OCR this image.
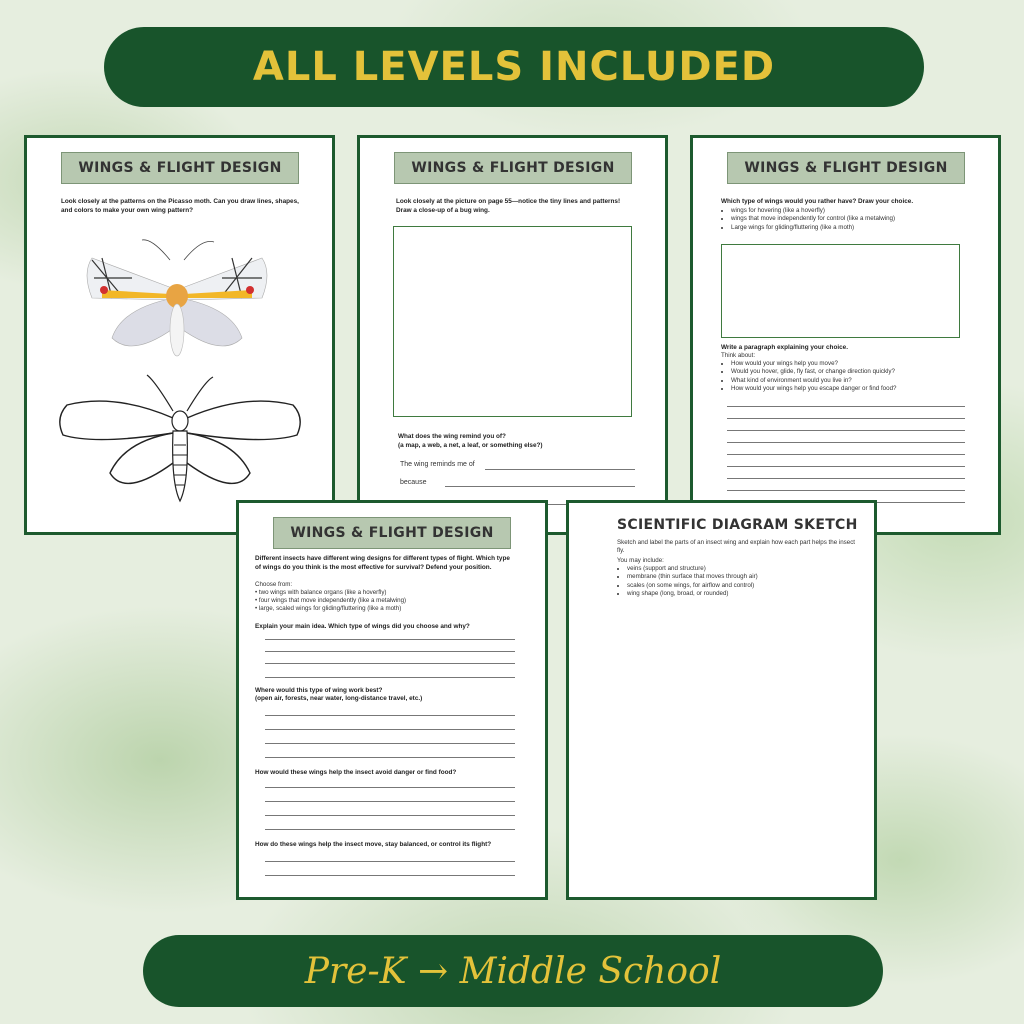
ALL LEVELS INCLUDED
WINGS & FLIGHT DESIGN
Look closely at the patterns on the Picasso moth. Can you draw lines, shapes, and colors to make your own wing pattern?
WINGS & FLIGHT DESIGN
Look closely at the picture on page 55—notice the tiny lines and patterns! Draw a close-up of a bug wing.
What does the wing remind you of?
(a map, a web, a net, a leaf, or something else?)
The wing reminds me of
because
WINGS & FLIGHT DESIGN
Which type of wings would you rather have? Draw your choice.
• wings for hovering (like a hoverfly)
• wings that move independently for control (like a metalwing)
• Large wings for gliding/fluttering (like a moth)
Write a paragraph explaining your choice.
Think about:
• How would your wings help you move?
• Would you hover, glide, fly fast, or change direction quickly?
• What kind of environment would you live in?
• How would your wings help you escape danger or find food?
WINGS & FLIGHT DESIGN
Different insects have different wing designs for different types of flight. Which type of wings do you think is the most effective for survival? Defend your position.
Choose from:
• two wings with balance organs (like a hoverfly)
• four wings that move independently (like a metalwing)
• large, scaled wings for gliding/fluttering (like a moth)
Explain your main idea. Which type of wings did you choose and why?
Where would this type of wing work best?
(open air, forests, near water, long-distance travel, etc.)
How would these wings help the insect avoid danger or find food?
How do these wings help the insect move, stay balanced, or control its flight?
SCIENTIFIC DIAGRAM SKETCH
Sketch and label the parts of an insect wing and explain how each part helps the insect fly.
You may include:
• veins (support and structure)
• membrane (thin surface that moves through air)
• scales (on some wings, for airflow and control)
• wing shape (long, broad, or rounded)
Pre-K → Middle School
